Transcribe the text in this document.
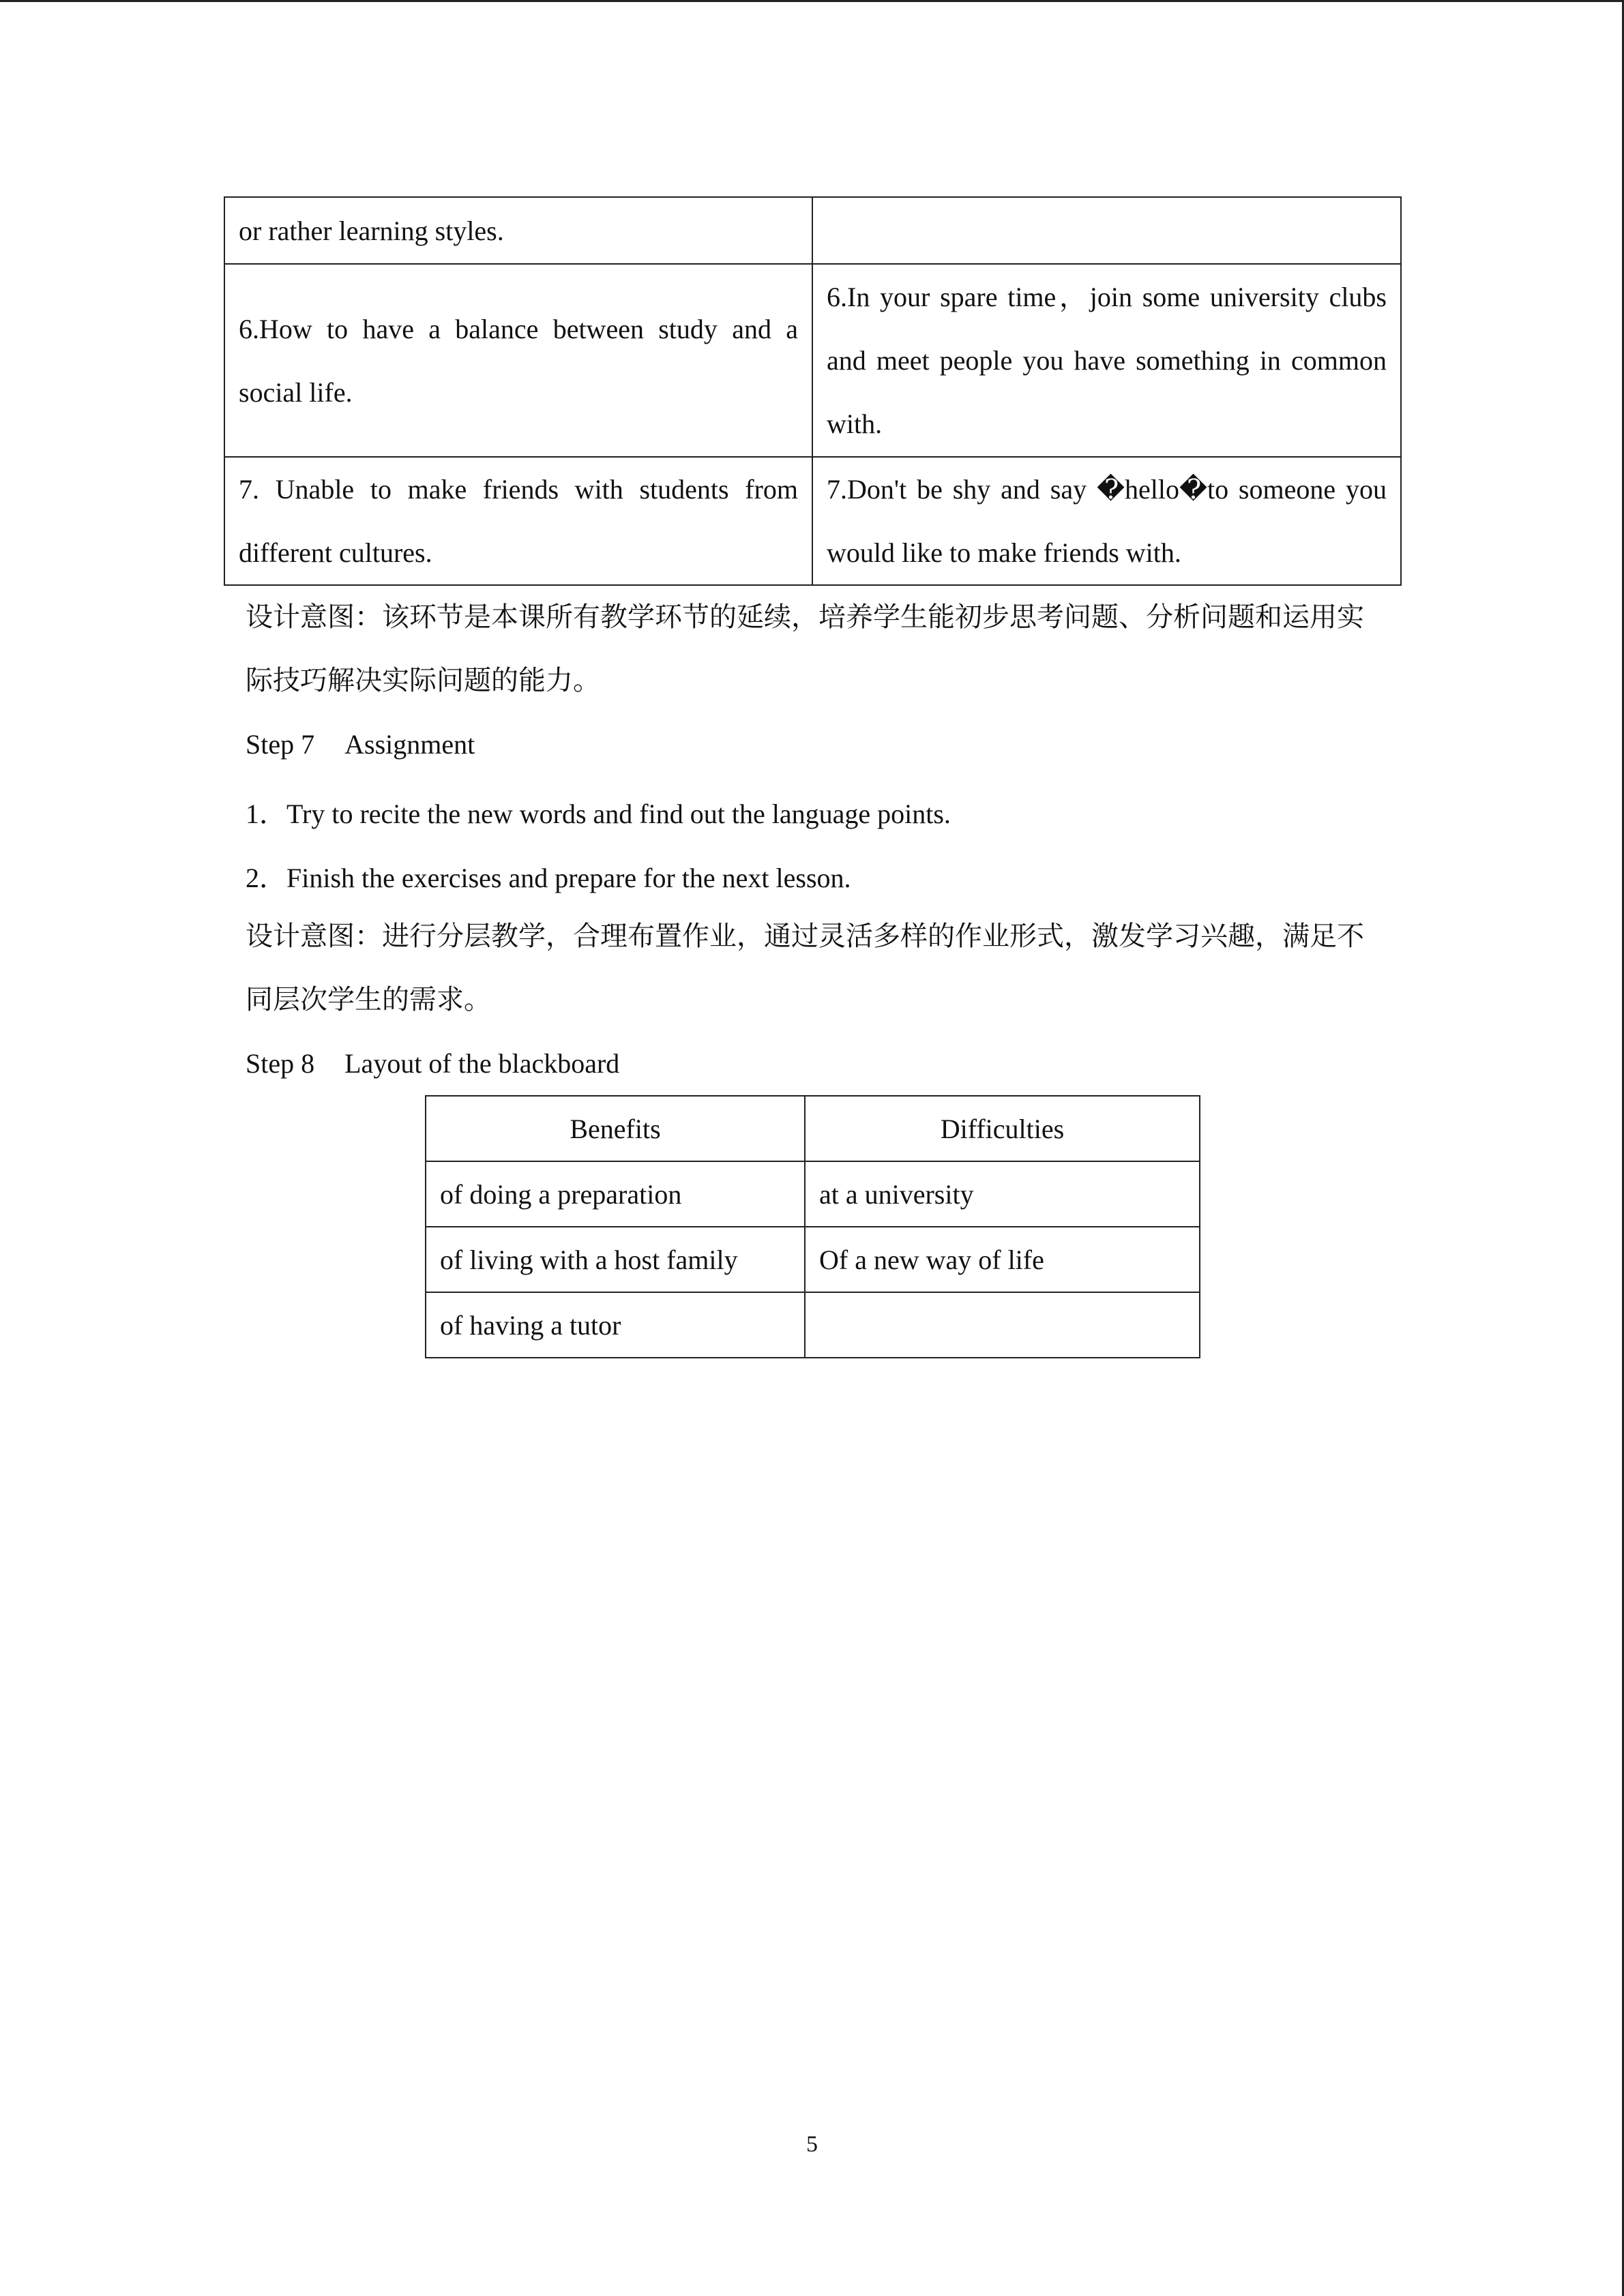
or rather learning styles.	
6.How to have a balance between study and a social life.	6.In your spare time，join some university clubs and meet people you have something in common with.
7. Unable to make friends with students from different cultures.	7.Don't be shy and say �hello�to someone you would like to make friends with.

设计意图：该环节是本课所有教学环节的延续，培养学生能初步思考问题、分析问题和运用实际技巧解决实际问题的能力。

Step 7 Assignment

1．Try to recite the new words and find out the language points.

2．Finish the exercises and prepare for the next lesson.

设计意图：进行分层教学，合理布置作业，通过灵活多样的作业形式，激发学习兴趣，满足不同层次学生的需求。

Step 8 Layout of the blackboard

Benefits	Difficulties
of doing a preparation	at a university
of living with a host family	Of a new way of life
of having a tutor	
5
